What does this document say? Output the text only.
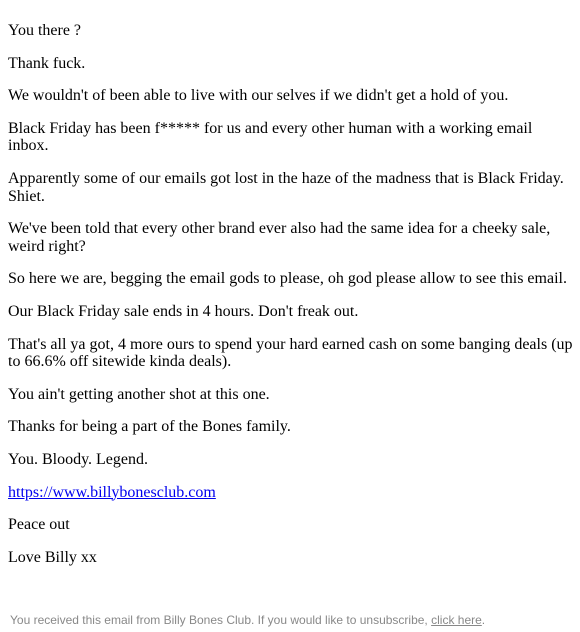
You there ?

Thank fuck.

We wouldn't of been able to live with our selves if we didn't get a hold of you.

Black Friday has been f***** for us and every other human with a working email inbox.

Apparently some of our emails got lost in the haze of the madness that is Black Friday. Shiet.

We've been told that every other brand ever also had the same idea for a cheeky sale, weird right?

So here we are, begging the email gods to please, oh god please allow to see this email.

Our Black Friday sale ends in 4 hours. Don't freak out.

That's all ya got, 4 more ours to spend your hard earned cash on some banging deals (up to 66.6% off sitewide kinda deals).

You ain't getting another shot at this one.

Thanks for being a part of the Bones family.

You. Bloody. Legend.

https://www.billybonesclub.com

Peace out

Love Billy xx

You received this email from Billy Bones Club. If you would like to unsubscribe, click here.
